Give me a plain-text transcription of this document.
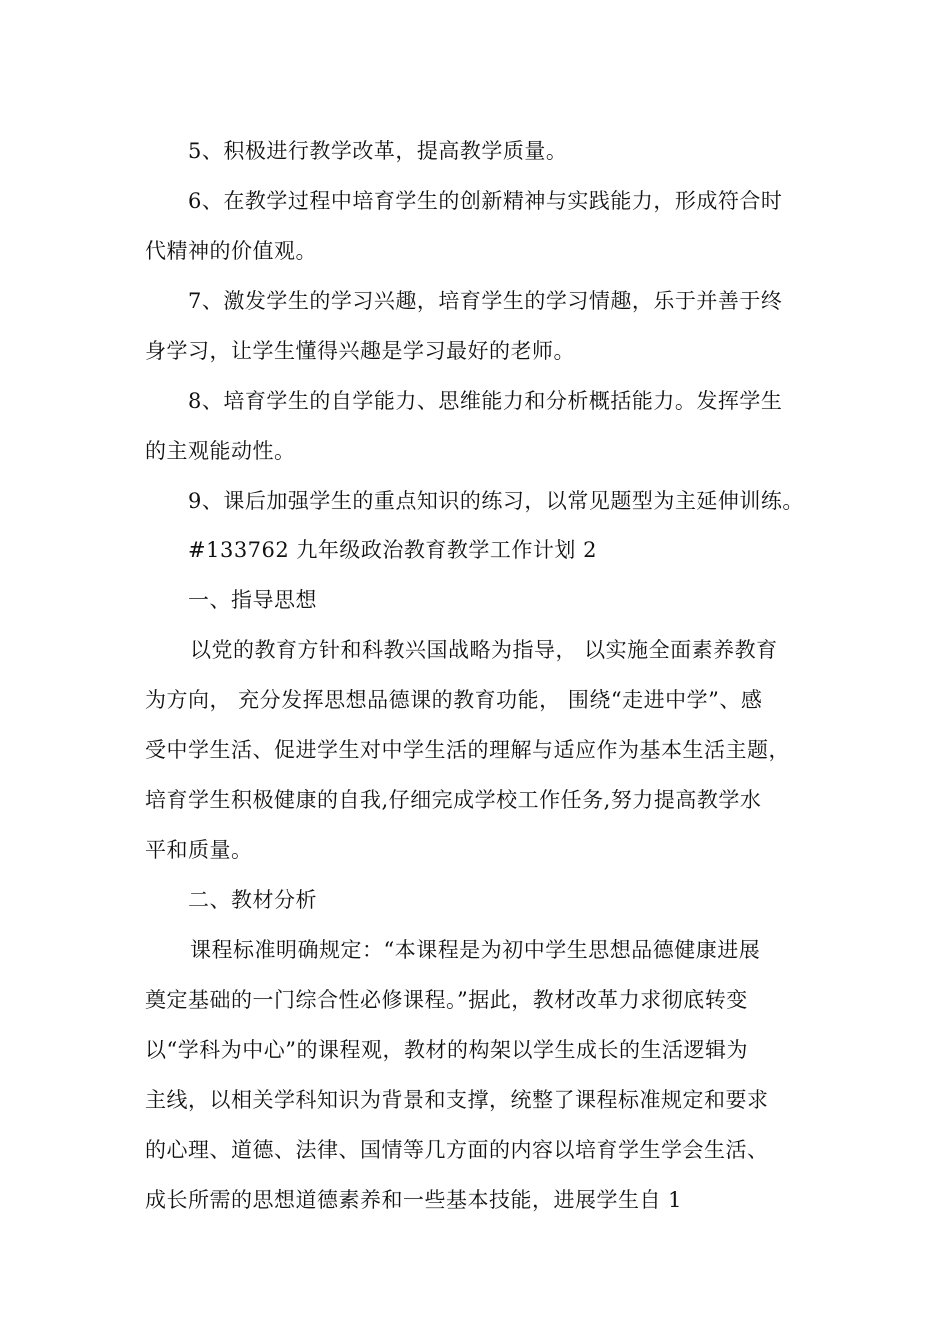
5、积极进行教学改革，提高教学质量。
6、在教学过程中培育学生的创新精神与实践能力，形成符合时
代精神的价值观。
7、激发学生的学习兴趣，培育学生的学习情趣，乐于并善于终
身学习，让学生懂得兴趣是学习最好的老师。
8、培育学生的自学能力、思维能力和分析概括能力。发挥学生
的主观能动性。
9、课后加强学生的重点知识的练习，以常见题型为主延伸训练。
#133762 九年级政治教育教学工作计划 2
一、指导思想
以党的教育方针和科教兴国战略为指导， 以实施全面素养教育
为方向， 充分发挥思想品德课的教育功能， 围绕“走进中学”、感
受中学生活、促进学生对中学生活的理解与适应作为基本生活主题，
培育学生积极健康的自我,仔细完成学校工作任务,努力提高教学水
平和质量。
二、教材分析
课程标准明确规定：“本课程是为初中学生思想品德健康进展
奠定基础的一门综合性必修课程。”据此，教材改革力求彻底转变
以“学科为中心”的课程观，教材的构架以学生成长的生活逻辑为
主线，以相关学科知识为背景和支撑，统整了课程标准规定和要求
的心理、道德、法律、国情等几方面的内容以培育学生学会生活、
成长所需的思想道德素养和一些基本技能，进展学生自 1
